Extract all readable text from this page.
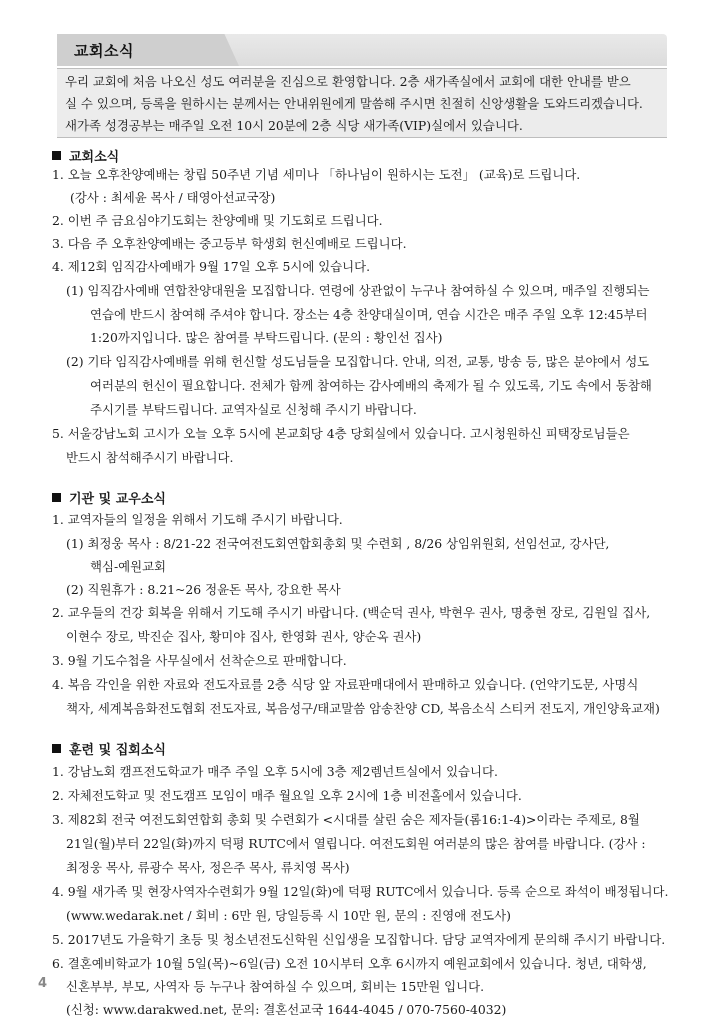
교회소식

우리 교회에 처음 나오신 성도 여러분을 진심으로 환영합니다. 2층 새가족실에서 교회에 대한 안내를 받으

실 수 있으며, 등록을 원하시는 분께서는 안내위원에게 말씀해 주시면 친절히 신앙생활을 도와드리겠습니다.

새가족 성경공부는 매주일 오전 10시 20분에 2층 식당 새가족(VIP)실에서 있습니다.

교회소식
1. 오늘 오후찬양예배는 창립 50주년 기념 세미나 「하나님이 원하시는 도전」 (교육)로 드립니다.
(강사 : 최세윤 목사 / 태영아선교국장)
2. 이번 주 금요심야기도회는 찬양예배 및 기도회로 드립니다.
3. 다음 주 오후찬양예배는 중고등부 학생회 헌신예배로 드립니다.
4. 제12회 임직감사예배가 9월 17일 오후 5시에 있습니다.
(1) 임직감사예배 연합찬양대원을 모집합니다. 연령에 상관없이 누구나 참여하실 수 있으며, 매주일 진행되는
연습에 반드시 참여해 주셔야 합니다. 장소는 4층 찬양대실이며, 연습 시간은 매주 주일 오후 12:45부터
1:20까지입니다. 많은 참여를 부탁드립니다. (문의 : 황인선 집사)
(2) 기타 임직감사예배를 위해 헌신할 성도님들을 모집합니다. 안내, 의전, 교통, 방송 등, 많은 분야에서 성도
여러분의 헌신이 필요합니다. 전체가 함께 참여하는 감사예배의 축제가 될 수 있도록, 기도 속에서 동참해
주시기를 부탁드립니다. 교역자실로 신청해 주시기 바랍니다.
5. 서울강남노회 고시가 오늘 오후 5시에 본교회당 4층 당회실에서 있습니다. 고시청원하신 피택장로님들은
반드시 참석해주시기 바랍니다.
기관 및 교우소식
1. 교역자들의 일정을 위해서 기도해 주시기 바랍니다.
(1) 최정웅 목사 : 8/21-22 전국여전도회연합회총회 및 수련회 , 8/26 상임위원회, 선임선교, 강사단,
핵심-예원교회
(2) 직원휴가 : 8.21~26 정윤돈 목사, 강요한 목사
2. 교우들의 건강 회복을 위해서 기도해 주시기 바랍니다. (백순덕 권사, 박현우 권사, 명충현 장로, 김원일 집사,
이현수 장로, 박진순 집사, 황미야 집사, 한영화 권사, 양순옥 권사)
3. 9월 기도수첩을 사무실에서 선착순으로 판매합니다.
4. 복음 각인을 위한 자료와 전도자료를 2층 식당 앞 자료판매대에서 판매하고 있습니다. (언약기도문, 사명식
책자, 세계복음화전도협회 전도자료, 복음성구/태교말씀 암송찬양 CD, 복음소식 스티커 전도지, 개인양육교재)
훈련 및 집회소식
1. 강남노회 캠프전도학교가 매주 주일 오후 5시에 3층 제2렘넌트실에서 있습니다.
2. 자체전도학교 및 전도캠프 모임이 매주 월요일 오후 2시에 1층 비전홀에서 있습니다.
3. 제82회 전국 여전도회연합회 총회 및 수련회가 <시대를 살린 숨은 제자들(롬16:1-4)>이라는 주제로, 8월
21일(월)부터 22일(화)까지 덕평 RUTC에서 열립니다. 여전도회원 여러분의 많은 참여를 바랍니다. (강사 :
최정웅 목사, 류광수 목사, 정은주 목사, 류치영 목사)
4. 9월 새가족 및 현장사역자수련회가 9월 12일(화)에 덕평 RUTC에서 있습니다. 등록 순으로 좌석이 배정됩니다.
(www.wedarak.net / 회비 : 6만 원, 당일등록 시 10만 원, 문의 : 진영애 전도사)
5. 2017년도 가을학기 초등 및 청소년전도신학원 신입생을 모집합니다. 담당 교역자에게 문의해 주시기 바랍니다.
6. 결혼예비학교가 10월 5일(목)~6일(금) 오전 10시부터 오후 6시까지 예원교회에서 있습니다. 청년, 대학생,
신혼부부, 부모, 사역자 등 누구나 참여하실 수 있으며, 회비는 15만원 입니다.
(신청: www.darakwed.net, 문의: 결혼선교국 1644-4045 / 070-7560-4032)
4
